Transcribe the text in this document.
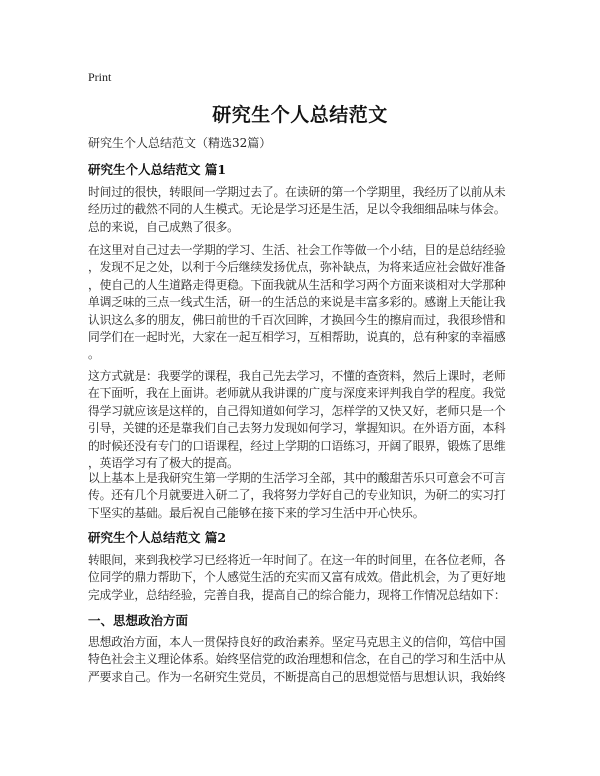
Print
研究生个人总结范文
研究生个人总结范文（精选32篇）
研究生个人总结范文 篇1
时间过的很快，转眼间一学期过去了。在读研的第一个学期里，我经历了以前从未
经历过的截然不同的人生模式。无论是学习还是生活，足以令我细细品味与体会。
总的来说，自己成熟了很多。
在这里对自己过去一学期的学习、生活、社会工作等做一个小结，目的是总结经验
，发现不足之处，以利于今后继续发扬优点，弥补缺点，为将来适应社会做好准备
，使自己的人生道路走得更稳。下面我就从生活和学习两个方面来谈相对大学那种
单调乏味的三点一线式生活，研一的生活总的来说是丰富多彩的。感谢上天能让我
认识这么多的朋友，佛曰前世的千百次回眸，才换回今生的擦肩而过，我很珍惜和
同学们在一起时光，大家在一起互相学习，互相帮助，说真的，总有种家的幸福感
。
这方式就是：我要学的课程，我自己先去学习，不懂的查资料，然后上课时，老师
在下面听，我在上面讲。老师就从我讲课的广度与深度来评判我自学的程度。我觉
得学习就应该是这样的，自己得知道如何学习，怎样学的又快又好，老师只是一个
引导，关键的还是靠我们自己去努力发现如何学习，掌握知识。在外语方面，本科
的时候还没有专门的口语课程，经过上学期的口语练习，开阔了眼界，锻炼了思维
，英语学习有了极大的提高。
以上基本上是我研究生第一学期的生活学习全部，其中的酸甜苦乐只可意会不可言
传。还有几个月就要进入研二了，我将努力学好自己的专业知识，为研二的实习打
下坚实的基础。最后祝自己能够在接下来的学习生活中开心快乐。
研究生个人总结范文 篇2
转眼间，来到我校学习已经将近一年时间了。在这一年的时间里，在各位老师，各
位同学的鼎力帮助下，个人感觉生活的充实而又富有成效。借此机会，为了更好地
完成学业，总结经验，完善自我，提高自己的综合能力，现将工作情况总结如下：
一、思想政治方面
思想政治方面，本人一贯保持良好的政治素养。坚定马克思主义的信仰，笃信中国
特色社会主义理论体系。始终坚信党的政治理想和信念，在自己的学习和生活中从
严要求自己。作为一名研究生党员，不断提高自己的思想觉悟与思想认识，我始终
